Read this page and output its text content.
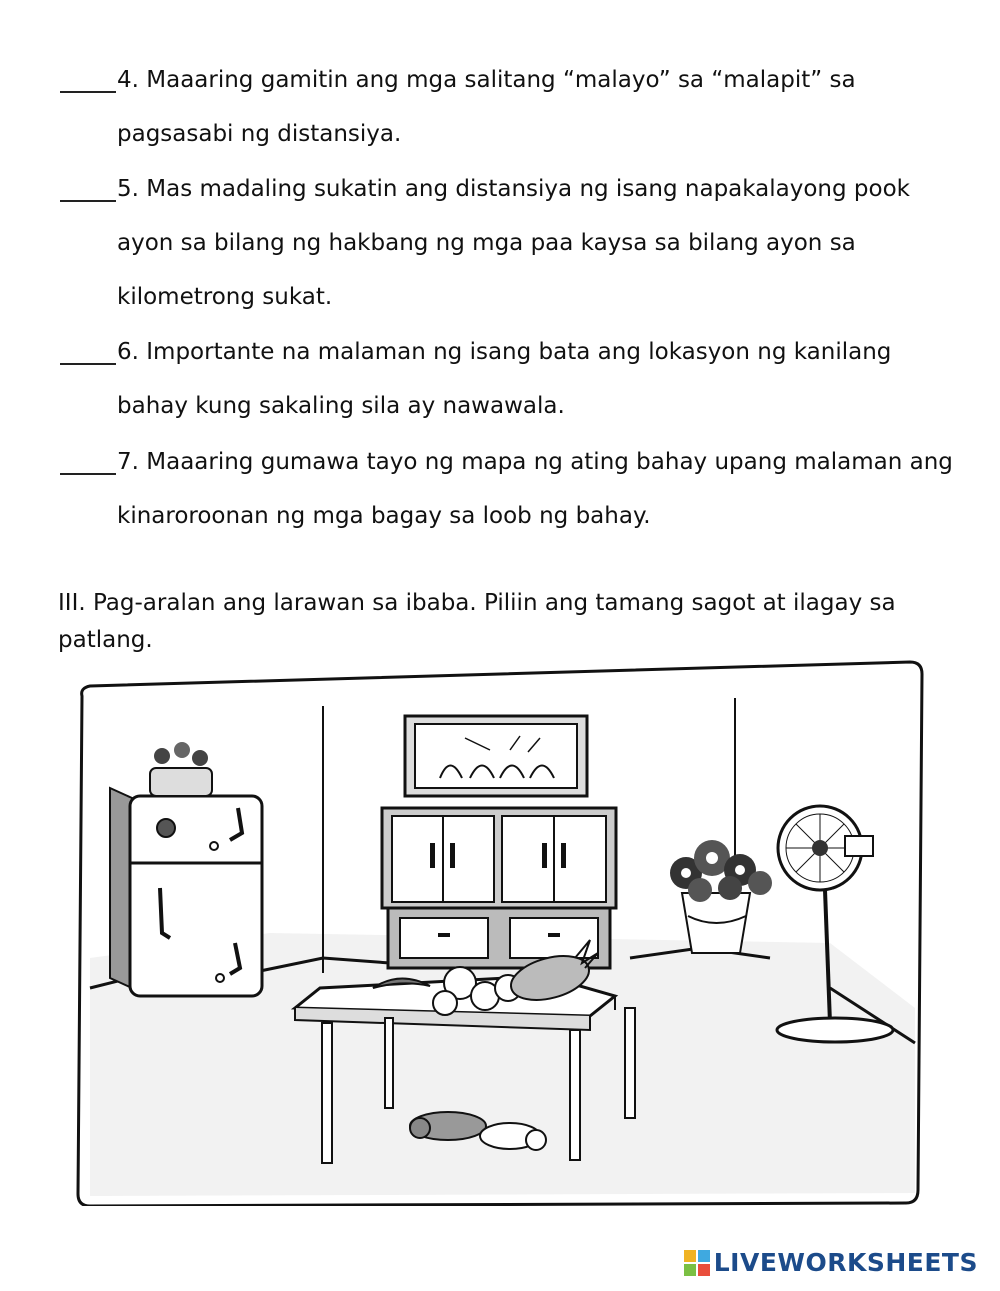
4. Maaaring gamitin ang mga salitang “malayo” sa “malapit” sa
pagsasabi ng distansiya.
5. Mas madaling sukatin ang distansiya ng isang napakalayong pook
ayon sa bilang ng hakbang ng mga paa kaysa sa bilang ayon sa
kilometrong sukat.
6. Importante na malaman ng isang bata ang lokasyon ng kanilang
bahay kung sakaling sila ay nawawala.
7. Maaaring gumawa tayo ng mapa ng ating bahay upang malaman ang
kinaroroonan ng mga bagay sa loob ng bahay.
III. Pag-aralan ang larawan sa ibaba. Piliin ang tamang sagot at ilagay sa
patlang.
LIVEWORKSHEETS
